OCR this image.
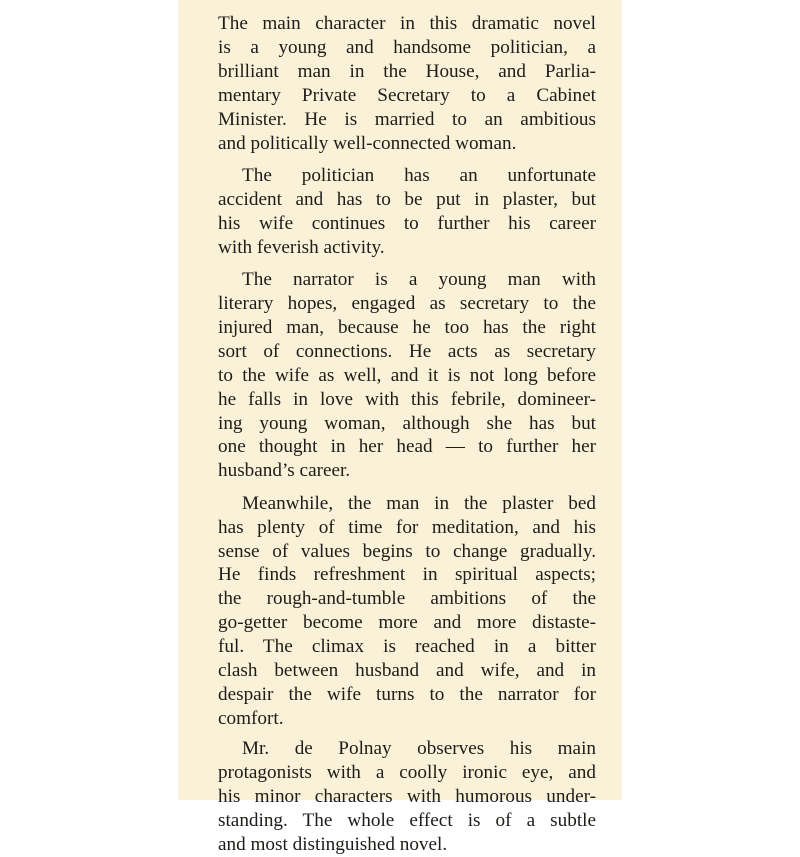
The main character in this dramatic novel
is a young and handsome politician, a
brilliant man in the House, and Parlia-
mentary Private Secretary to a Cabinet
Minister. He is married to an ambitious
and politically well-connected woman.

The politician has an unfortunate
accident and has to be put in plaster, but
his wife continues to further his career
with feverish activity.

The narrator is a young man with
literary hopes, engaged as secretary to the
injured man, because he too has the right
sort of connections. He acts as secretary
to the wife as well, and it is not long before
he falls in love with this febrile, domineer-
ing young woman, although she has but
one thought in her head — to further her
husband’s career.

Meanwhile, the man in the plaster bed
has plenty of time for meditation, and his
sense of values begins to change gradually.
He finds refreshment in spiritual aspects;
the rough-and-tumble ambitions of the
go-getter become more and more distaste-
ful. The climax is reached in a bitter
clash between husband and wife, and in
despair the wife turns to the narrator for
comfort.

Mr. de Polnay observes his main
protagonists with a coolly ironic eye, and
his minor characters with humorous under-
standing. The whole effect is of a subtle
and most distinguished novel.
